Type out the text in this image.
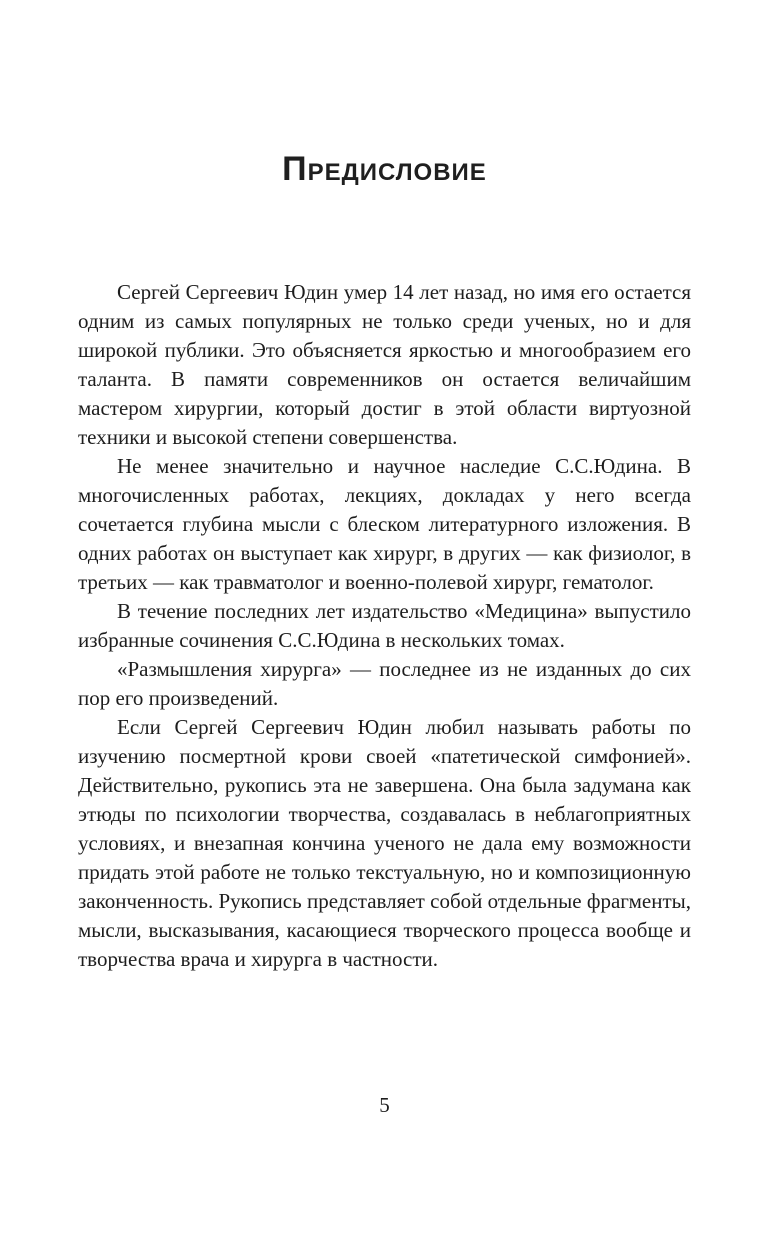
Предисловие

Сергей Сергеевич Юдин умер 14 лет назад, но имя его остается одним из самых популярных не только среди ученых, но и для широкой публики. Это объясняется яркостью и многообразием его таланта. В памяти современников он остается величайшим мастером хирургии, который достиг в этой области виртуозной техники и высокой степени совершенства.

Не менее значительно и научное наследие С.С.Юдина. В многочисленных работах, лекциях, докладах у него всегда сочетается глубина мысли с блеском литературного изложения. В одних работах он выступает как хирург, в других — как физиолог, в третьих — как травматолог и военно-полевой хирург, гематолог.

В течение последних лет издательство «Медицина» выпустило избранные сочинения С.С.Юдина в нескольких томах.

«Размышления хирурга» — последнее из не изданных до сих пор его произведений.

Если Сергей Сергеевич Юдин любил называть работы по изучению посмертной крови своей «патетической симфонией». Действительно, рукопись эта не завершена. Она была задумана как этюды по психологии творчества, создавалась в неблагоприятных условиях, и внезапная кончина ученого не дала ему возможности придать этой работе не только текстуальную, но и композиционную законченность. Рукопись представляет собой отдельные фрагменты, мысли, высказывания, касающиеся творческого процесса вообще и творчества врача и хирурга в частности.

5
